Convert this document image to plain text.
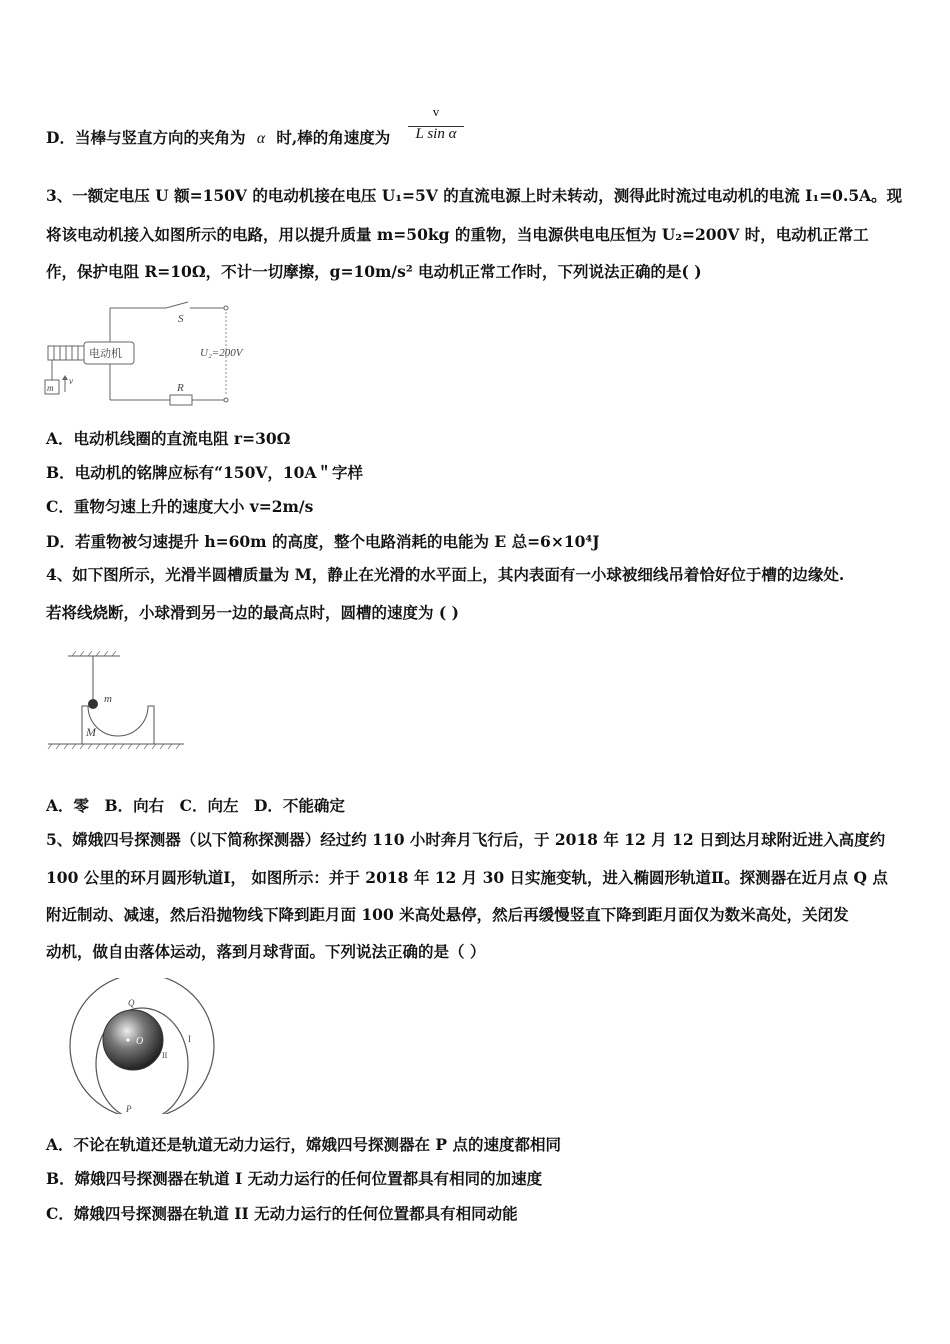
D．当棒与竖直方向的夹角为 α 时,棒的角速度为
v
L sin α
3、一额定电压 U 额=150V 的电动机接在电压 U₁=5V 的直流电源上时未转动，测得此时流过电动机的电流 I₁=0.5A。现
将该电动机接入如图所示的电路，用以提升质量 m=50kg 的重物，当电源供电电压恒为 U₂=200V 时，电动机正常工
作，保护电阻 R=10Ω，不计一切摩擦，g=10m/s² 电动机正常工作时，下列说法正确的是( )
S
电动机
m
v
R
U₂=200V
A．电动机线圈的直流电阻 r=30Ω
B．电动机的铭牌应标有“150V，10A＂字样
C．重物匀速上升的速度大小 v=2m/s
D．若重物被匀速提升 h=60m 的高度，整个电路消耗的电能为 E 总=6×10⁴J
4、如下图所示，光滑半圆槽质量为 M，静止在光滑的水平面上，其内表面有一小球被细线吊着恰好位于槽的边缘处.
若将线烧断，小球滑到另一边的最高点时，圆槽的速度为 ( )
m
M
A．零　B．向右　C．向左　D．不能确定
5、嫦娥四号探测器（以下简称探测器）经过约 110 小时奔月飞行后，于 2018 年 12 月 12 日到达月球附近进入高度约
100 公里的环月圆形轨道Ⅰ， 如图所示：并于 2018 年 12 月 30 日实施变轨，进入椭圆形轨道Ⅱ。探测器在近月点 Q 点
附近制动、减速，然后沿抛物线下降到距月面 100 米高处悬停，然后再缓慢竖直下降到距月面仅为数米高处，关闭发
动机，做自由落体运动，落到月球背面。下列说法正确的是（ ）
O
Q
P
I
II
A．不论在轨道还是轨道无动力运行，嫦娥四号探测器在 P 点的速度都相同
B．嫦娥四号探测器在轨道 I 无动力运行的任何位置都具有相同的加速度
C．嫦娥四号探测器在轨道 II 无动力运行的任何位置都具有相同动能
